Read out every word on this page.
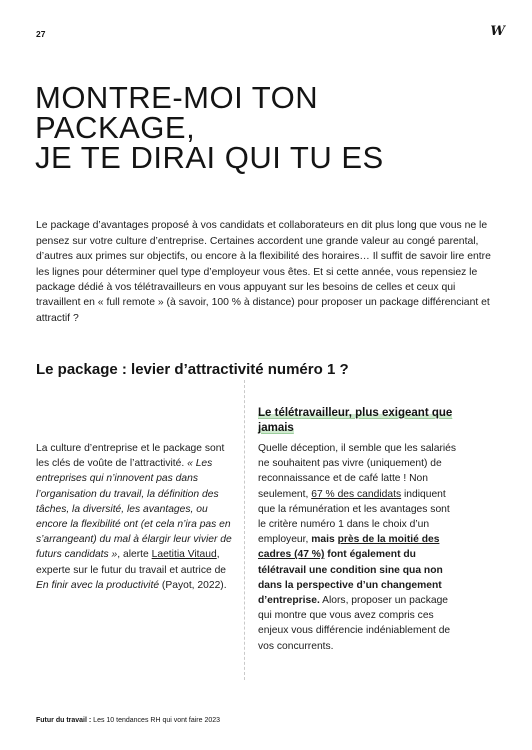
27	W
MONTRE-MOI TON
PACKAGE,
JE TE DIRAI QUI TU ES

Le package d’avantages proposé à vos candidats et collaborateurs en dit plus long que vous ne le pensez sur votre culture d’entreprise. Certaines accordent une grande valeur au congé parental, d’autres aux primes sur objectifs, ou encore à la flexibilité des horaires… Il suffit de savoir lire entre les lignes pour déterminer quel type d’employeur vous êtes. Et si cette année, vous repensiez le package dédié à vos télétravailleurs en vous appuyant sur les besoins de celles et ceux qui travaillent en « full remote » (à savoir, 100 % à distance) pour proposer un package différenciant et attractif ?

Le package : levier d’attractivité numéro 1 ?
La culture d’entreprise et le package sont les clés de voûte de l’attractivité. « Les entreprises qui n’innovent pas dans l’organisation du travail, la définition des tâches, la diversité, les avantages, ou encore la flexibilité ont (et cela n’ira pas en s’arrangeant) du mal à élargir leur vivier de futurs candidats », alerte Laetitia Vitaud, experte sur le futur du travail et autrice de En finir avec la productivité (Payot, 2022).
Le télétravailleur, plus exigeant que jamais
Quelle déception, il semble que les salariés ne souhaitent pas vivre (uniquement) de reconnaissance et de café latte ! Non seulement, 67 % des candidats indiquent que la rémunération et les avantages sont le critère numéro 1 dans le choix d’un employeur, mais près de la moitié des cadres (47 %) font également du télétravail une condition sine qua non dans la perspective d’un changement d’entreprise. Alors, proposer un package qui montre que vous avez compris ces enjeux vous différencie indéniablement de vos concurrents.
Futur du travail : Les 10 tendances RH qui vont faire 2023
